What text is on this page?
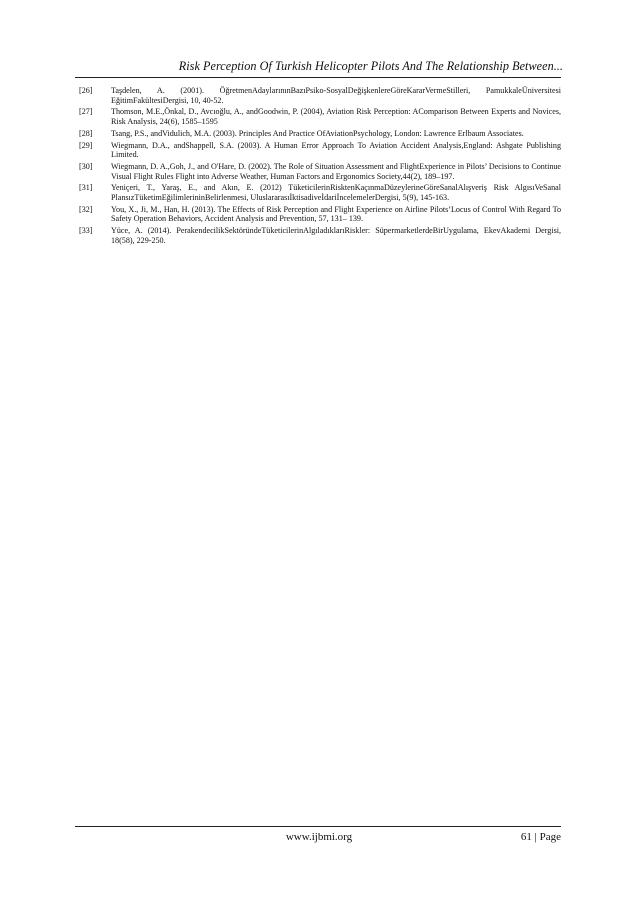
Risk Perception Of Turkish Helicopter Pilots And The Relationship Between...
[26]	Taşdelen, A. (2001). ÖğretmenAdaylarınınBazıPsiko-SosyalDeğişkenlereGöreKararVermeStilleri, PamukkaleÜniversitesi EğitimFakültesiDergisi, 10, 40-52.
[27]	Thomson, M.E.,Önkal, D., Avcıoğlu, A., andGoodwin, P. (2004), Aviation Risk Perception: AComparison Between Experts and Novices, Risk Analysis, 24(6), 1585–1595
[28]	Tsang, P.S., andVidulich, M.A. (2003). Principles And Practice OfAviationPsychology, London: Lawrence Erlbaum Associates.
[29]	Wiegmann, D.A., andShappell, S.A. (2003). A Human Error Approach To Aviation Accident Analysis,England: Ashgate Publishing Limited.
[30]	Wiegmann, D. A.,Goh, J., and O'Hare, D. (2002). The Role of Situation Assessment and FlightExperience in Pilots’ Decisions to Continue Visual Flight Rules Flight into Adverse Weather, Human Factors and Ergonomics Society,44(2), 189–197.
[31]	Yeniçeri, T., Yaraş, E., and Akın, E. (2012) TüketicilerinRisktenKaçınmaDüzeylerineGöreSanalAlışveriş Risk AlgısıVeSanal PlansızTüketimEğilimlerininBelirlenmesi, UluslararasıİktisadiveİdariİncelemelerDergisi, 5(9), 145-163.
[32]	You, X., Ji, M., Han, H. (2013). The Effects of Risk Perception and Flight Experience on Airline Pilots’Locus of Control With Regard To Safety Operation Behaviors, Accident Analysis and Prevention, 57, 131– 139.
[33]	Yüce, A. (2014). PerakendecilikSektöründeTüketicilerinAlgıladıklarıRiskler: SüpermarketlerdeBirUygulama, EkevAkademi Dergisi, 18(58), 229-250.
www.ijbmi.org	61 | Page
